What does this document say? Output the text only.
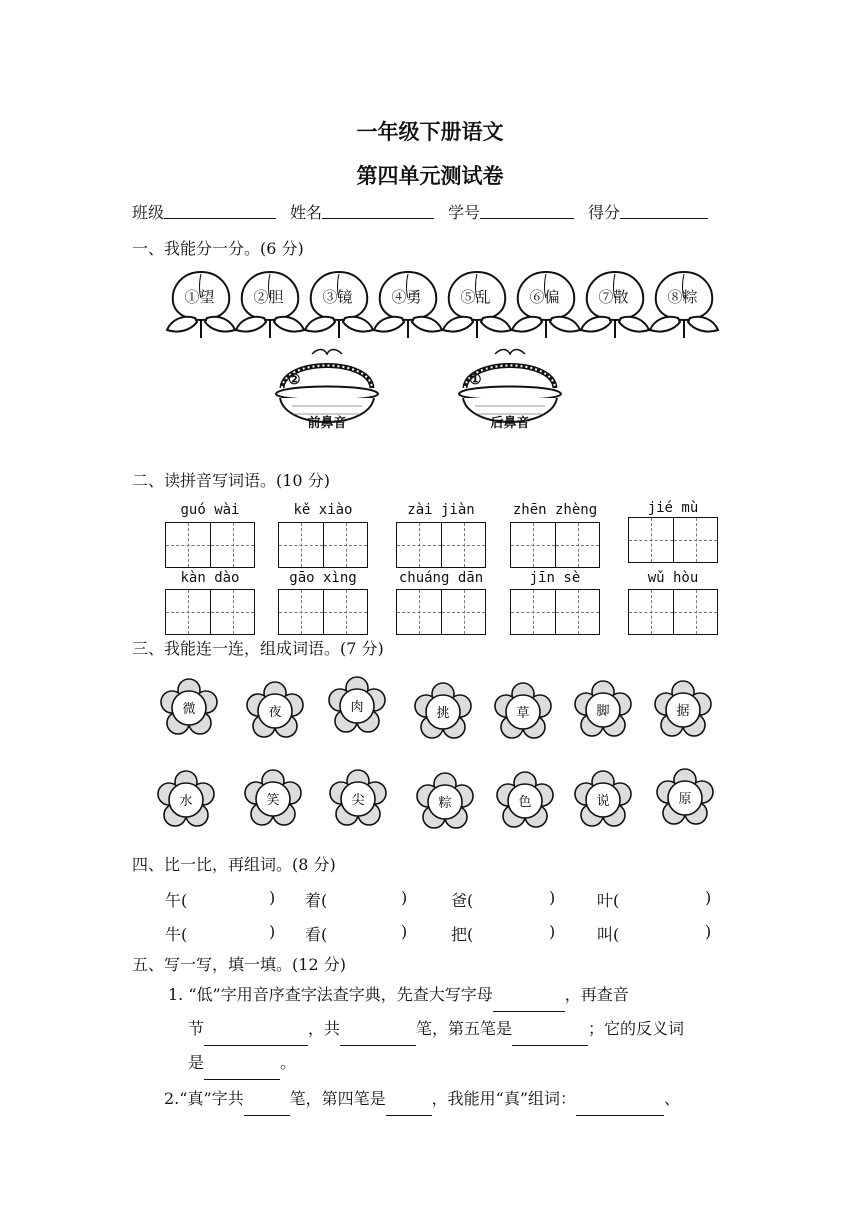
一年级下册语文
第四单元测试卷
班级	姓名	学号	得分
一、我能分一分。(6 分)
①望	②胆	③镜	④勇	⑤乱	⑥偏	⑦散	⑧粽
②
前鼻音
①
后鼻音
二、读拼音写词语。(10 分)
guó wài	kě xiào	zài jiàn	zhēn zhèng	jié mù
kàn dào	gāo xìng	chuáng dān	jīn sè	wǔ hòu
三、我能连一连，组成词语。(7 分)
微	夜	肉	挑	草	脚	据
水	笑	尖	粽	色	说	原
四、比一比，再组词。(8 分)
午(	) 着(	)	爸(	)	叶(	)
牛(	) 看(	)	把(	)	叫(	)
五、写一写，填一填。(12 分)
1. “低”字用音序查字法查字典，先查大写字母	，再查音
节	，共	笔，第五笔是	；它的反义词
是	。
2.“真”字共	笔，第四笔是	，我能用“真”组词：	、
